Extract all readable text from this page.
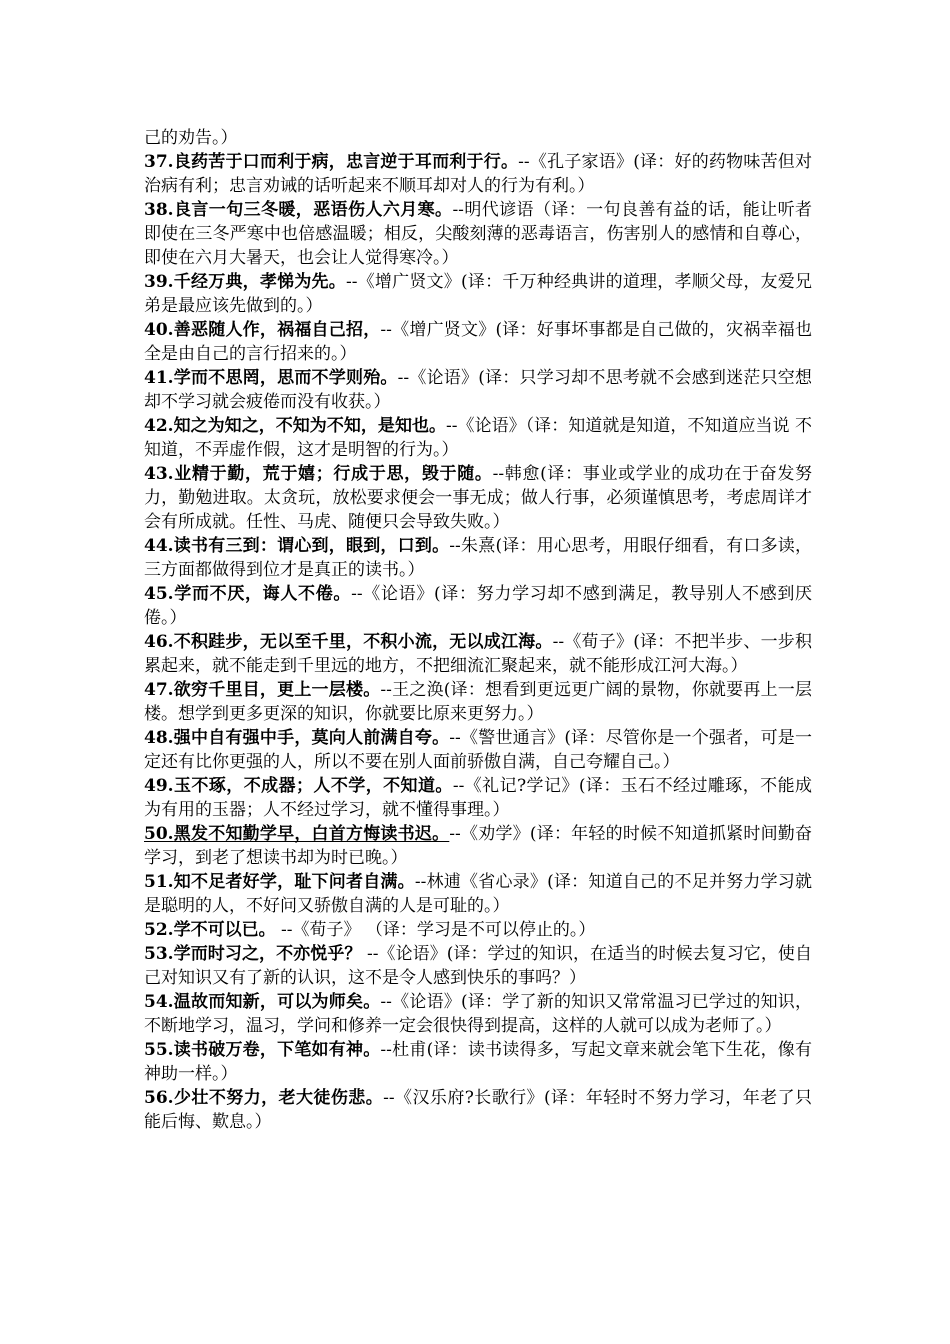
己的劝告。）

37.良药苦于口而利于病，忠言逆于耳而利于行。--《孔子家语》(译：好的药物味苦但对治病有利；忠言劝诫的话听起来不顺耳却对人的行为有利。）

38.良言一句三冬暖，恶语伤人六月寒。--明代谚语（译：一句良善有益的话，能让听者即使在三冬严寒中也倍感温暖；相反，尖酸刻薄的恶毒语言，伤害别人的感情和自尊心，即使在六月大暑天，也会让人觉得寒冷。）

39.千经万典，孝悌为先。--《增广贤文》(译：千万种经典讲的道理，孝顺父母，友爱兄弟是最应该先做到的。）

40.善恶随人作，祸福自己招，--《增广贤文》(译：好事坏事都是自己做的，灾祸幸福也全是由自己的言行招来的。）

41.学而不思罔，思而不学则殆。--《论语》(译：只学习却不思考就不会感到迷茫只空想却不学习就会疲倦而没有收获。）

42.知之为知之，不知为不知，是知也。--《论语》（译：知道就是知道，不知道应当说 不知道，不弄虚作假，这才是明智的行为。）

43.业精于勤，荒于嬉；行成于思，毁于随。--韩愈(译：事业或学业的成功在于奋发努力，勤勉进取。太贪玩，放松要求便会一事无成；做人行事，必须谨慎思考，考虑周详才会有所成就。任性、马虎、随便只会导致失败。）

44.读书有三到：谓心到，眼到，口到。--朱熹(译：用心思考，用眼仔细看，有口多读，三方面都做得到位才是真正的读书。）

45.学而不厌，诲人不倦。--《论语》(译：努力学习却不感到满足，教导别人不感到厌倦。）

46.不积跬步，无以至千里，不积小流，无以成江海。--《荀子》(译：不把半步、一步积累起来，就不能走到千里远的地方，不把细流汇聚起来，就不能形成江河大海。）

47.欲穷千里目，更上一层楼。--王之涣(译：想看到更远更广阔的景物，你就要再上一层楼。想学到更多更深的知识，你就要比原来更努力。）

48.强中自有强中手，莫向人前满自夸。--《警世通言》(译：尽管你是一个强者，可是一定还有比你更强的人，所以不要在别人面前骄傲自满，自己夸耀自己。）

49.玉不琢，不成器；人不学，不知道。--《礼记?学记》(译：玉石不经过雕琢，不能成为有用的玉器；人不经过学习，就不懂得事理。）

50.黑发不知勤学早，白首方悔读书迟。--《劝学》(译：年轻的时候不知道抓紧时间勤奋学习，到老了想读书却为时已晚。）

51.知不足者好学，耻下问者自满。--林逋《省心录》(译：知道自己的不足并努力学习就是聪明的人，不好问又骄傲自满的人是可耻的。）

52.学不可以已。 --《荀子》 （译：学习是不可以停止的。）

53.学而时习之，不亦悦乎？ --《论语》(译：学过的知识，在适当的时候去复习它，使自己对知识又有了新的认识，这不是令人感到快乐的事吗？）

54.温故而知新，可以为师矣。--《论语》(译：学了新的知识又常常温习已学过的知识，不断地学习，温习，学问和修养一定会很快得到提高，这样的人就可以成为老师了。）

55.读书破万卷，下笔如有神。--杜甫(译：读书读得多，写起文章来就会笔下生花，像有神助一样。）

56.少壮不努力，老大徒伤悲。--《汉乐府?长歌行》(译：年轻时不努力学习，年老了只能后悔、歎息。）
